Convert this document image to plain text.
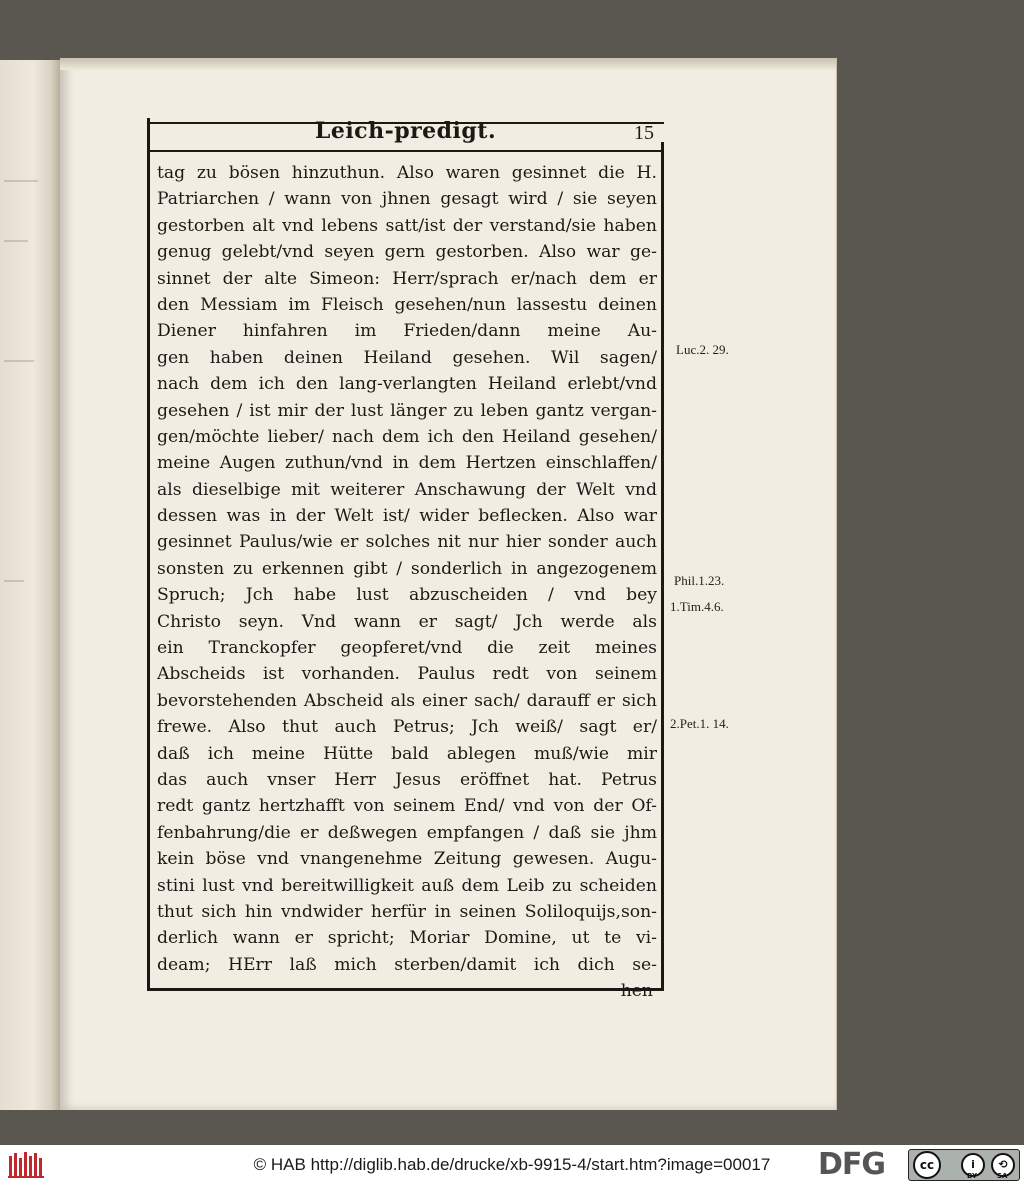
Leich-predigt.	15
tag zu bösen hinzuthun. Also waren gesinnet die H.
Patriarchen / wann von jhnen gesagt wird / sie seyen
gestorben alt vnd lebens satt/ist der verstand/sie haben
genug gelebt/vnd seyen gern gestorben. Also war ge-
sinnet der alte Simeon: Herr/sprach er/nach dem er
den Messiam im Fleisch gesehen/nun lassestu deinen
Diener hinfahren im Frieden/dann meine Au-
gen haben deinen Heiland gesehen. Wil sagen/
nach dem ich den lang-verlangten Heiland erlebt/vnd
gesehen / ist mir der lust länger zu leben gantz vergan-
gen/möchte lieber/ nach dem ich den Heiland gesehen/
meine Augen zuthun/vnd in dem Hertzen einschlaffen/
als dieselbige mit weiterer Anschawung der Welt vnd
dessen was in der Welt ist/ wider beflecken. Also war
gesinnet Paulus/wie er solches nit nur hier sonder auch
sonsten zu erkennen gibt / sonderlich in angezogenem
Spruch; Jch habe lust abzuscheiden / vnd bey
Christo seyn. Vnd wann er sagt/ Jch werde als
ein Tranckopfer geopferet/vnd die zeit meines
Abscheids ist vorhanden. Paulus redt von seinem
bevorstehenden Abscheid als einer sach/ darauff er sich
frewe. Also thut auch Petrus; Jch weiß/ sagt er/
daß ich meine Hütte bald ablegen muß/wie mir
das auch vnser Herr Jesus eröffnet hat. Petrus
redt gantz hertzhafft von seinem End/ vnd von der Of-
fenbahrung/die er deßwegen empfangen / daß sie jhm
kein böse vnd vnangenehme Zeitung gewesen. Augu-
stini lust vnd bereitwilligkeit auß dem Leib zu scheiden
thut sich hin vndwider herfür in seinen Soliloquijs,son-
derlich wann er spricht; Moriar Domine, ut te vi-
deam; HErr laß mich sterben/damit ich dich se-
hen
Luc.2. 29.
Phil.1.23.
1.Tim.4.6.
2.Pet.1. 14.
© HAB http://diglib.hab.de/drucke/xb-9915-4/start.htm?image=00017	DFG	cc	i	⟲
BY	SA
